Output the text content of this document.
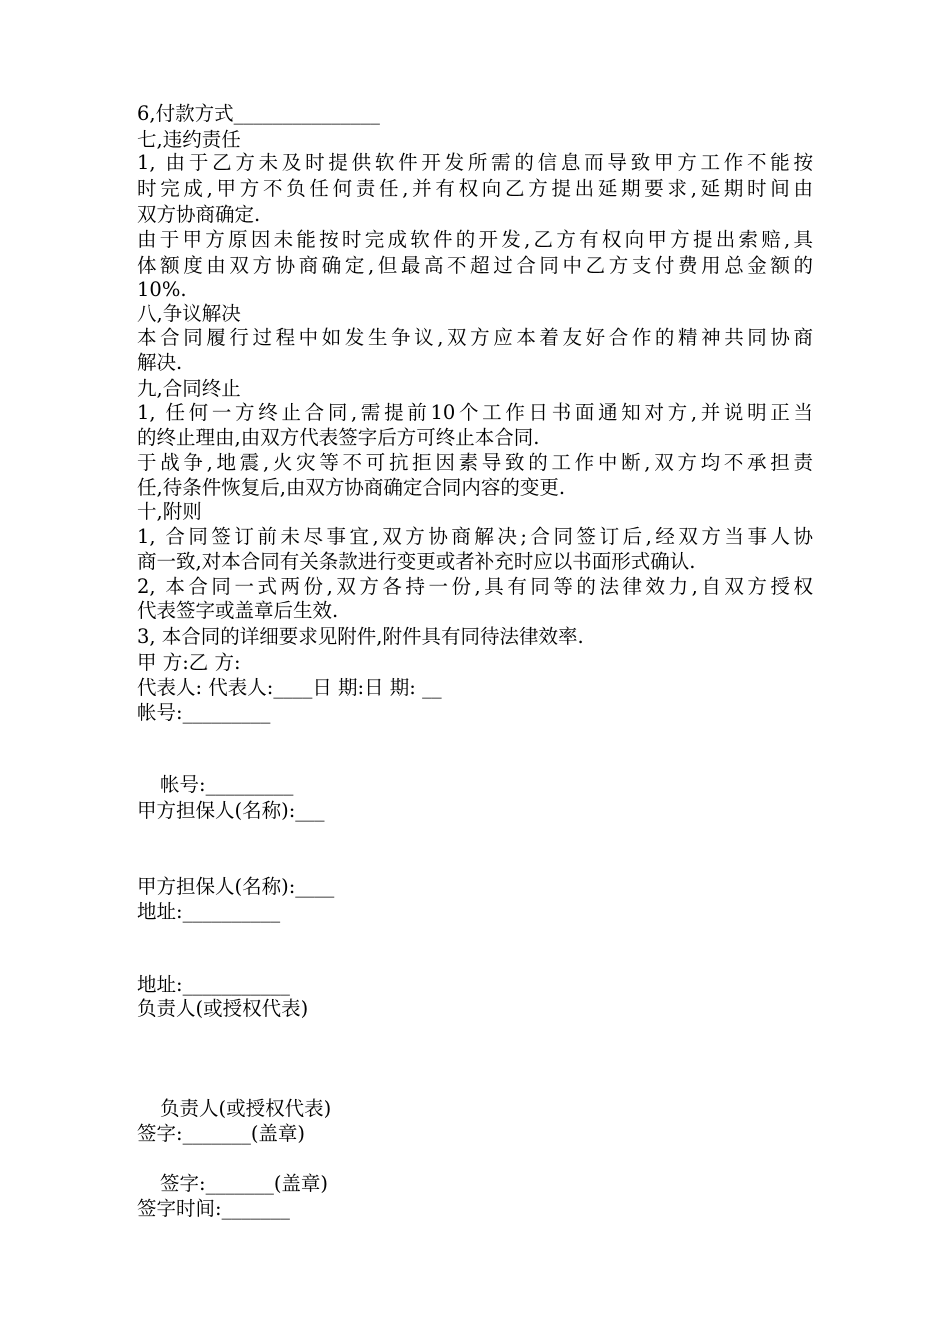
6,付款方式_______________
七,违约责任
1, 由于乙方未及时提供软件开发所需的信息而导致甲方工作不能按
时完成,甲方不负任何责任,并有权向乙方提出延期要求,延期时间由
双方协商确定.
由于甲方原因未能按时完成软件的开发,乙方有权向甲方提出索赔,具
体额度由双方协商确定,但最高不超过合同中乙方支付费用总金额的
10%.
八,争议解决
本合同履行过程中如发生争议,双方应本着友好合作的精神共同协商
解决.
九,合同终止
1, 任何一方终止合同,需提前10个工作日书面通知对方,并说明正当
的终止理由,由双方代表签字后方可终止本合同.
于战争,地震,火灾等不可抗拒因素导致的工作中断,双方均不承担责
任,待条件恢复后,由双方协商确定合同内容的变更.
十,附则
1, 合同签订前未尽事宜,双方协商解决;合同签订后,经双方当事人协
商一致,对本合同有关条款进行变更或者补充时应以书面形式确认.
2, 本合同一式两份,双方各持一份,具有同等的法律效力,自双方授权
代表签字或盖章后生效.
3, 本合同的详细要求见附件,附件具有同待法律效率.
甲 方:乙 方:
代表人: 代表人:____日 期:日 期: __
帐号:_________
帐号:_________
甲方担保人(名称):___
甲方担保人(名称):____
地址:__________
地址:___________
负责人(或授权代表)
负责人(或授权代表)
签字:_______(盖章)
签字:_______(盖章)
签字时间:_______
